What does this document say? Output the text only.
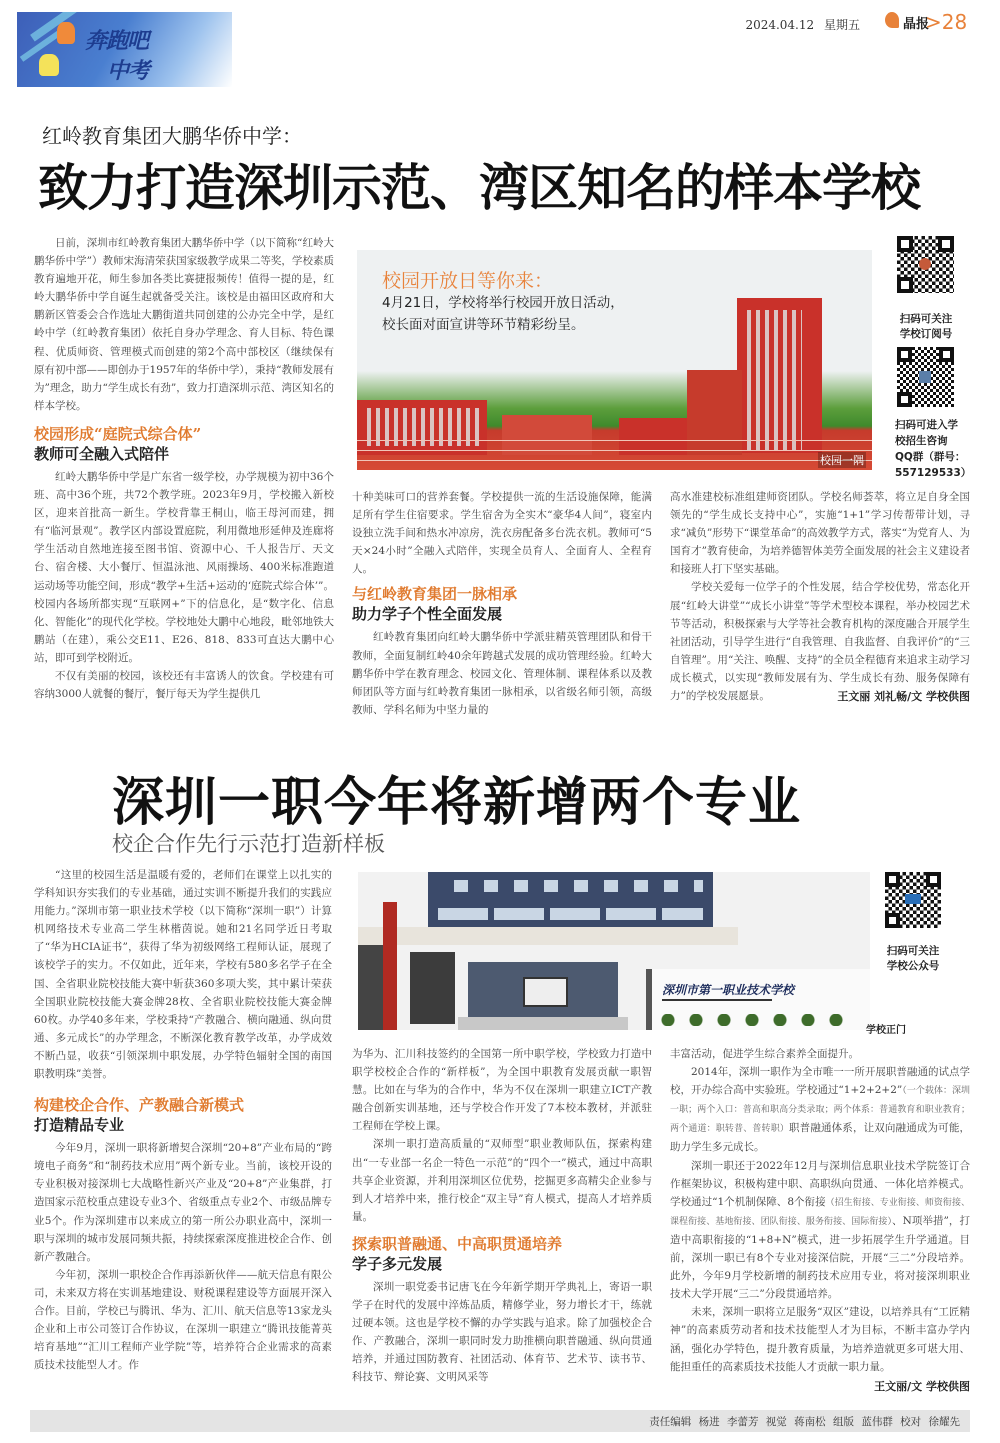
奔跑吧
中考
2024.04.12 星期五	晶报
>28
红岭教育集团大鹏华侨中学：
致力打造深圳示范、湾区知名的样本学校

日前，深圳市红岭教育集团大鹏华侨中学（以下简称“红岭大鹏华侨中学”）教师宋海清荣获国家级教学成果二等奖，学校素质教育遍地开花，师生参加各类比赛捷报频传！值得一提的是，红岭大鹏华侨中学自诞生起就备受关注。该校是由福田区政府和大鹏新区管委会合作选址大鹏街道共同创建的公办完全中学，是红岭中学（红岭教育集团）依托自身办学理念、育人目标、特色课程、优质师资、管理模式而创建的第2个高中部校区（继续保有原有初中部——即创办于1957年的华侨中学），秉持“教师发展有为”理念，助力“学生成长有劲”，致力打造深圳示范、湾区知名的样本学校。

校园形成“庭院式综合体”
教师可全融入式陪伴

红岭大鹏华侨中学是广东省一级学校，办学规模为初中36个班、高中36个班，共72个教学班。2023年9月，学校搬入新校区，迎来首批高一新生。学校背靠王桐山，临王母河而建，拥有“临河景观”。教学区内部设置庭院，利用微地形延伸及连廊将学生活动自然地连接至图书馆、资源中心、千人报告厅、天文台、宿舍楼、大小餐厅、恒温泳池、风雨操场、400米标准跑道运动场等功能空间，形成“教学+生活+运动的‘庭院式综合体’”。校园内各场所都实现“互联网+”下的信息化，是“数字化、信息化、智能化”的现代化学校。学校地处大鹏中心地段，毗邻地铁大鹏站（在建），乘公交E11、E26、818、833可直达大鹏中心站，即可到学校附近。

不仅有美丽的校园，该校还有丰富诱人的饮食。学校建有可容纳3000人就餐的餐厅，餐厅每天为学生提供几

校园开放日等你来：
4月21日，学校将举行校园开放日活动，
校长面对面宣讲等环节精彩纷呈。
校园一隅
扫码可关注
学校订阅号
扫码可进入学
校招生咨询
QQ群（群号：
557129533）

十种美味可口的营养套餐。学校提供一流的生活设施保障，能满足所有学生住宿要求。学生宿舍为全实木“豪华4人间”，寝室内设独立洗手间和热水冲凉房，洗衣房配备多台洗衣机。教师可“5天×24小时”全融入式陪伴，实现全员育人、全面育人、全程育人。

与红岭教育集团一脉相承
助力学子个性全面发展

红岭教育集团向红岭大鹏华侨中学派驻精英管理团队和骨干教师，全面复制红岭40余年跨越式发展的成功管理经验。红岭大鹏华侨中学在教育理念、校园文化、管理体制、课程体系以及教师团队等方面与红岭教育集团一脉相承，以省级名师引领，高级教师、学科名师为中坚力量的

高水准建校标准组建师资团队。学校名师荟萃，将立足自身全国领先的“学生成长支持中心”，实施“1+1”学习传帮带计划，寻求“减负”形势下“课堂革命”的高效教学方式，落实“为党育人、为国育才”教育使命，为培养德智体美劳全面发展的社会主义建设者和接班人打下坚实基础。

学校关爱每一位学子的个性发展，结合学校优势，常态化开展“红岭大讲堂”“成长小讲堂”等学术型校本课程，举办校园艺术节等活动，积极探索与大学等社会教育机构的深度融合开展学生社团活动，引导学生进行“自我管理、自我监督、自我评价”的“三自管理”。用“关注、唤醒、支持”的全员全程德育来追求主动学习成长模式，以实现“教师发展有为、学生成长有劲、服务保障有力”的学校发展愿景。	王文丽 刘礼畅/文 学校供图
深圳一职今年将新增两个专业
校企合作先行示范打造新样板

“这里的校园生活是温暖有爱的，老师们在课堂上以扎实的学科知识夯实我们的专业基础，通过实训不断提升我们的实践应用能力。”深圳市第一职业技术学校（以下简称“深圳一职”）计算机网络技术专业高二学生林楷茵说。她和21名同学近日考取了“华为HCIA证书”，获得了华为初级网络工程师认证，展现了该校学子的实力。不仅如此，近年来，学校有580多名学子在全国、全省职业院校技能大赛中斩获360多项大奖，其中累计荣获全国职业院校技能大赛金牌28枚、全省职业院校技能大赛金牌60枚。办学40多年来，学校秉持“产教融合、横向融通、纵向贯通、多元成长”的办学理念，不断深化教育教学改革，办学成效不断凸显，收获“引领深圳中职发展，办学特色辐射全国的南国职教明珠”美誉。

构建校企合作、产教融合新模式
打造精品专业

今年9月，深圳一职将新增契合深圳“20+8”产业布局的“跨境电子商务”和“制药技术应用”两个新专业。当前，该校开设的专业积极对接深圳七大战略性新兴产业及“20+8”产业集群，打造国家示范校重点建设专业3个、省级重点专业2个、市级品牌专业5个。作为深圳建市以来成立的第一所公办职业高中，深圳一职与深圳的城市发展同频共振，持续探索深度推进校企合作、创新产教融合。

今年初，深圳一职校企合作再添新伙伴——航天信息有限公司，未来双方将在实训基地建设、财税课程建设等方面展开深入合作。目前，学校已与腾讯、华为、汇川、航天信息等13家龙头企业和上市公司签订合作协议，在深圳一职建立“腾讯技能菁英培育基地”“汇川工程师产业学院”等，培养符合企业需求的高素质技术技能型人才。作

深圳市第一职业技术学校
学校正门
扫码可关注
学校公众号

为华为、汇川科技签约的全国第一所中职学校，学校致力打造中职学校校企合作的“新样板”，为全国中职教育发展贡献一职智慧。比如在与华为的合作中，华为不仅在深圳一职建立ICT产教融合创新实训基地，还与学校合作开发了7本校本教材，并派驻工程师在学校上课。

深圳一职打造高质量的“双师型”职业教师队伍，探索构建出“一专业部一名企一特色一示范”的“四个一”模式，通过中高职共享企业资源，并利用深圳区位优势，挖掘更多高精尖企业参与到人才培养中来，推行校企“双主导”育人模式，提高人才培养质量。

探索职普融通、中高职贯通培养
学子多元发展

深圳一职党委书记唐飞在今年新学期开学典礼上，寄语一职学子在时代的发展中淬炼品质，精修学业，努力增长才干，练就过硬本领。这也是学校不懈的办学实践与追求。除了加强校企合作、产教融合，深圳一职同时发力助推横向职普融通、纵向贯通培养，并通过国防教育、社团活动、体育节、艺术节、读书节、科技节、辩论赛、文明风采等

丰富活动，促进学生综合素养全面提升。

2014年，深圳一职作为全市唯一一所开展职普融通的试点学校，开办综合高中实验班。学校通过“1+2+2+2”（一个载体：深圳一职；两个入口：普高和职高分类录取；两个体系：普通教育和职业教育；两个通道：职转普、普转职）职普融通体系，让双向融通成为可能，助力学生多元成长。

深圳一职还于2022年12月与深圳信息职业技术学院签订合作框架协议，积极构建中职、高职纵向贯通、一体化培养模式。学校通过“1个机制保障、8个衔接（招生衔接、专业衔接、师资衔接、课程衔接、基地衔接、团队衔接、服务衔接、国际衔接）、N项举措”，打造中高职衔接的“1+8+N”模式，进一步拓展学生升学通道。目前，深圳一职已有8个专业对接深信院，开展“三二”分段培养。此外，今年9月学校新增的制药技术应用专业，将对接深圳职业技术大学开展“三二”分段贯通培养。

未来，深圳一职将立足服务“双区”建设，以培养具有“工匠精神”的高素质劳动者和技术技能型人才为目标，不断丰富办学内涵，强化办学特色，提升教育质量，为培养造就更多可堪大用、能担重任的高素质技术技能人才贡献一职力量。

王文丽/文 学校供图
责任编辑 杨进 李蕾芳 视觉 蒋南松 组版 蓝伟群 校对 徐耀先
